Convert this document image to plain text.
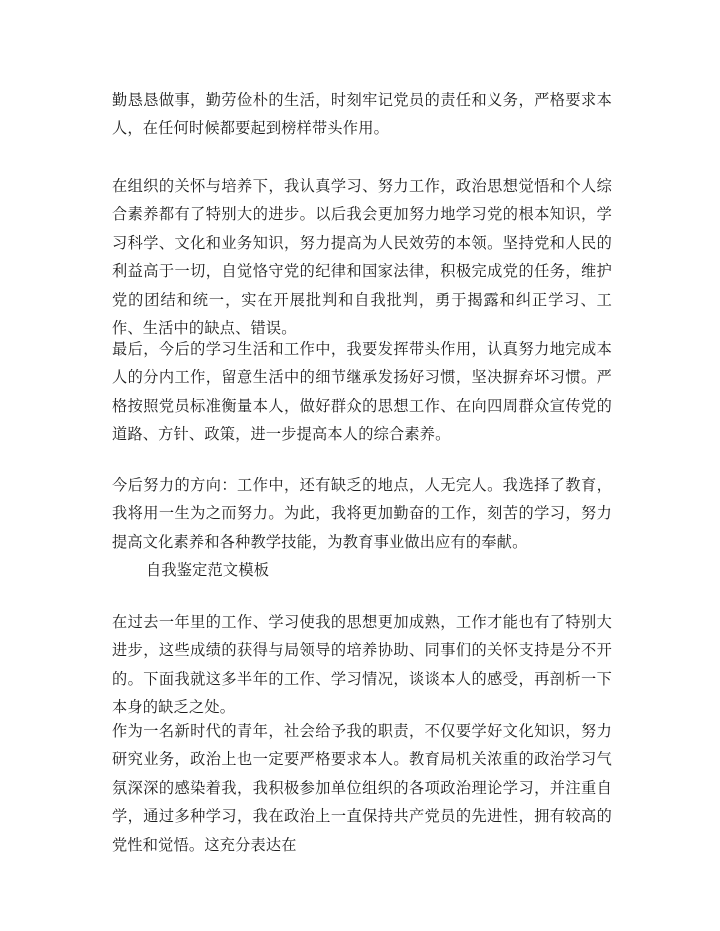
勤恳恳做事，勤劳俭朴的生活，时刻牢记党员的责任和义务，严格要求本人，在任何时候都要起到榜样带头作用。

在组织的关怀与培养下，我认真学习、努力工作，政治思想觉悟和个人综合素养都有了特别大的进步。以后我会更加努力地学习党的根本知识，学习科学、文化和业务知识，努力提高为人民效劳的本领。坚持党和人民的利益高于一切，自觉恪守党的纪律和国家法律，积极完成党的任务，维护党的团结和统一，实在开展批判和自我批判，勇于揭露和纠正学习、工作、生活中的缺点、错误。

最后，今后的学习生活和工作中，我要发挥带头作用，认真努力地完成本人的分内工作，留意生活中的细节继承发扬好习惯，坚决摒弃坏习惯。严格按照党员标准衡量本人，做好群众的思想工作、在向四周群众宣传党的道路、方针、政策，进一步提高本人的综合素养。

今后努力的方向：工作中，还有缺乏的地点，人无完人。我选择了教育，我将用一生为之而努力。为此，我将更加勤奋的工作，刻苦的学习，努力提高文化素养和各种教学技能，为教育事业做出应有的奉献。

自我鉴定范文模板

在过去一年里的工作、学习使我的思想更加成熟，工作才能也有了特别大进步，这些成绩的获得与局领导的培养协助、同事们的关怀支持是分不开的。下面我就这多半年的工作、学习情况，谈谈本人的感受，再剖析一下本身的缺乏之处。

作为一名新时代的青年，社会给予我的职责，不仅要学好文化知识，努力研究业务，政治上也一定要严格要求本人。教育局机关浓重的政治学习气氛深深的感染着我，我积极参加单位组织的各项政治理论学习，并注重自学，通过多种学习，我在政治上一直保持共产党员的先进性，拥有较高的党性和觉悟。这充分表达在
